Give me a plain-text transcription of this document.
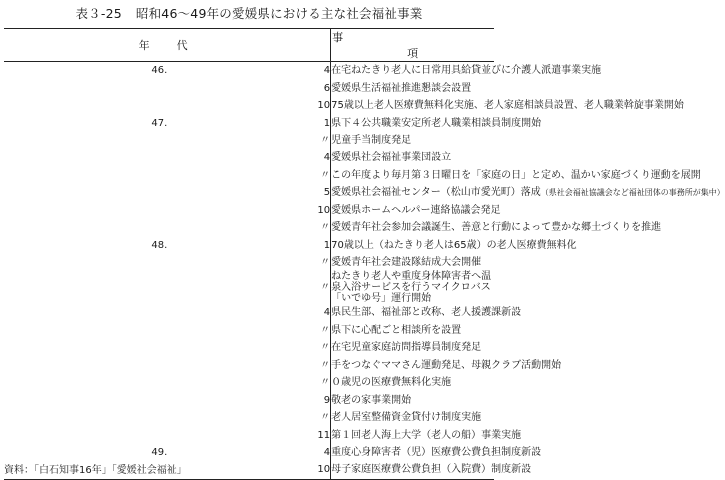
表３-25 昭和46～49年の愛媛県における主な社会福祉事業
年　代		事項
46.	4	在宅ねたきり老人に日常用具給貸並びに介護人派遣事業実施
	6	愛媛県生活福祉推進懇談会設置
	10	75歳以上老人医療費無料化実施、老人家庭相談員設置、老人職業斡旋事業開始
47.	1	県下４公共職業安定所老人職業相談員制度開始
	〃	児童手当制度発足
	4	愛媛県社会福祉事業団設立
	〃	この年度より毎月第３日曜日を「家庭の日」と定め、温かい家庭づくり運動を展開
	5	愛媛県社会福祉センター（松山市愛光町）落成（県社会福祉協議会など福祉団体の事務所が集中）
	10	愛媛県ホームヘルパー連絡協議会発足
	〃	愛媛青年社会参加会議誕生、善意と行動によって豊かな郷土づくりを推進
48.	1	70歳以上（ねたきり老人は65歳）の老人医療費無料化
	〃	愛媛青年社会建設隊結成大会開催
	〃	ねたきり老人や重度身体障害者へ温泉入浴サービスを行うマイクロバス「いでゆ号」運行開始
	4	県民生部、福祉部と改称、老人援護課新設
	〃	県下に心配ごと相談所を設置
	〃	在宅児童家庭訪問指導員制度発足
	〃	手をつなぐママさん運動発足、母親クラブ活動開始
	〃	０歳児の医療費無料化実施
	9	敬老の家事業開始
	〃	老人居室整備資金貸付け制度実施
	11	第１回老人海上大学（老人の船）事業実施
49.	4	重度心身障害者（児）医療費公費負担制度新設
	10	母子家庭医療費公費負担（入院費）制度新設
資料：「白石知事16年」「愛媛社会福祉」
